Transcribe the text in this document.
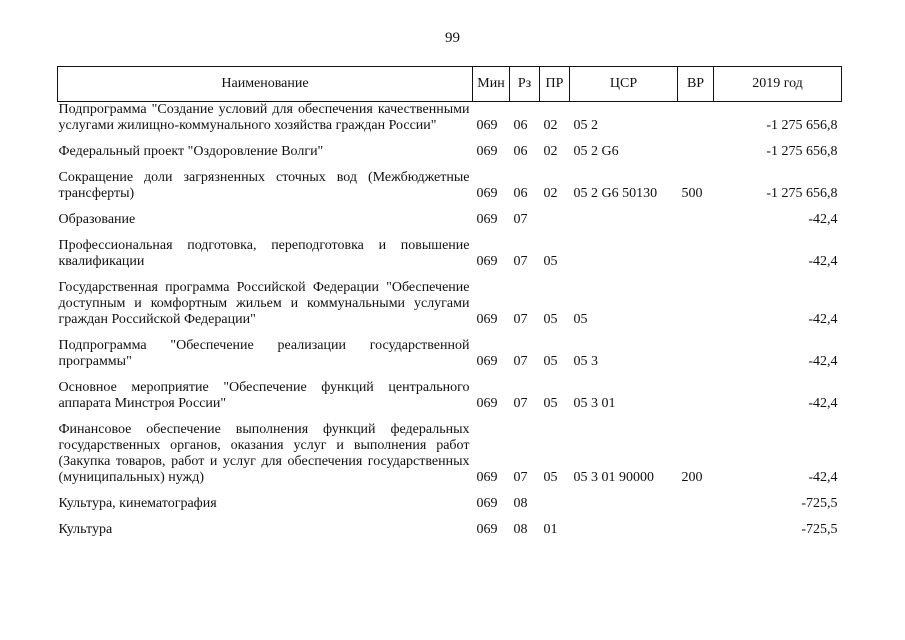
99
Наименование	Мин	Рз	ПР	ЦСР	ВР	2019 год
Подпрограмма "Создание условий для обеспечения качественными услугами жилищно-коммунального хозяйства граждан России"	069	06	02	05 2		-1 275 656,8
Федеральный проект "Оздоровление Волги"	069	06	02	05 2 G6		-1 275 656,8
Сокращение доли загрязненных сточных вод (Межбюджетные трансферты)	069	06	02	05 2 G6 50130	500	-1 275 656,8
Образование	069	07				-42,4
Профессиональная подготовка, переподготовка и повышение квалификации	069	07	05			-42,4
Государственная программа Российской Федерации "Обеспечение доступным и комфортным жильем и коммунальными услугами граждан Российской Федерации"	069	07	05	05		-42,4
Подпрограмма "Обеспечение реализации государственной программы"	069	07	05	05 3		-42,4
Основное мероприятие "Обеспечение функций центрального аппарата Минстроя России"	069	07	05	05 3 01		-42,4
Финансовое обеспечение выполнения функций федеральных государственных органов, оказания услуг и выполнения работ (Закупка товаров, работ и услуг для обеспечения государственных (муниципальных) нужд)	069	07	05	05 3 01 90000	200	-42,4
Культура, кинематография	069	08				-725,5
Культура	069	08	01			-725,5
